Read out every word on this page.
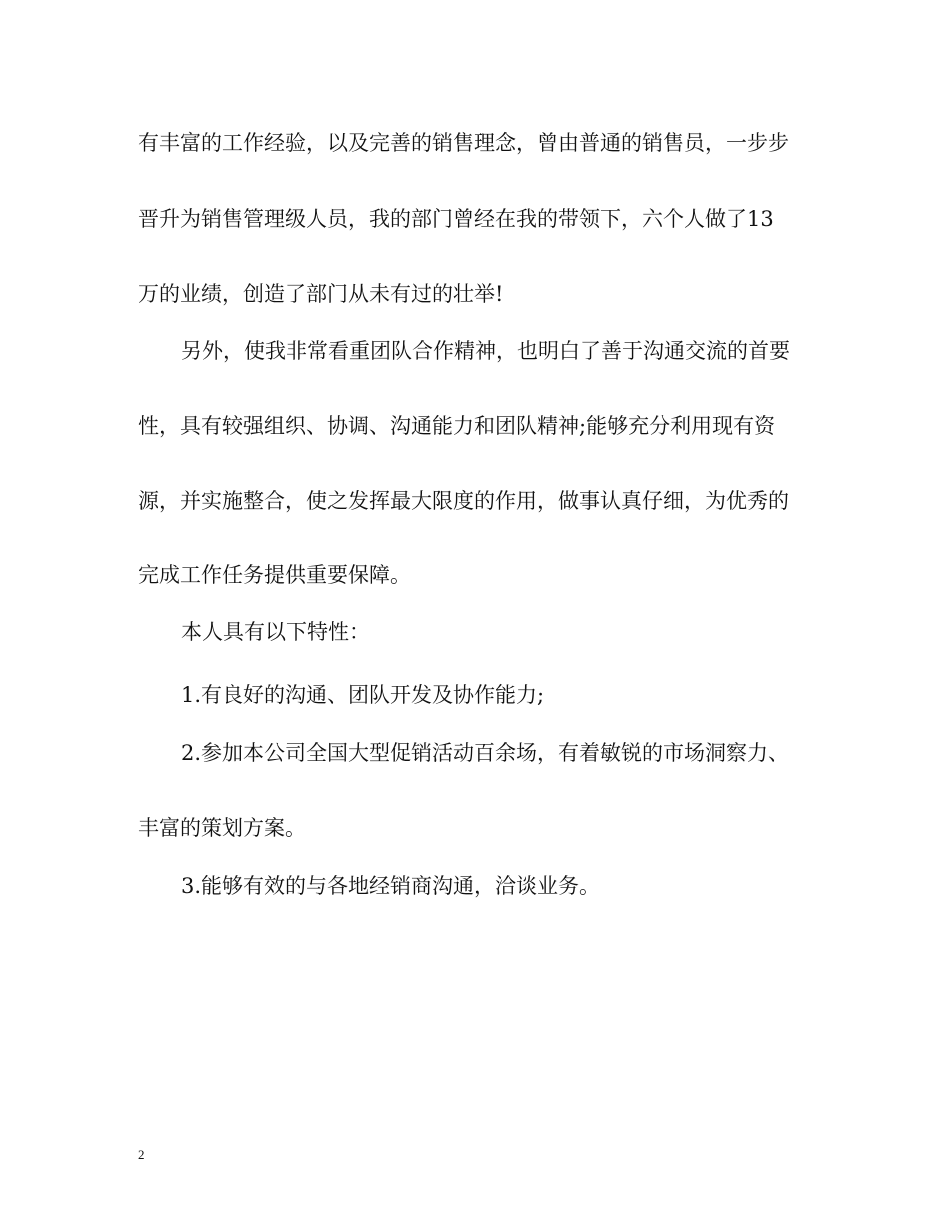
有丰富的工作经验，以及完善的销售理念，曾由普通的销售员，一步步
晋升为销售管理级人员，我的部门曾经在我的带领下，六个人做了13
万的业绩，创造了部门从未有过的壮举!
另外，使我非常看重团队合作精神，也明白了善于沟通交流的首要
性，具有较强组织、协调、沟通能力和团队精神;能够充分利用现有资
源，并实施整合，使之发挥最大限度的作用，做事认真仔细，为优秀的
完成工作任务提供重要保障。
本人具有以下特性：
1.有良好的沟通、团队开发及协作能力;
2.参加本公司全国大型促销活动百余场，有着敏锐的市场洞察力、
丰富的策划方案。
3.能够有效的与各地经销商沟通，洽谈业务。
2
